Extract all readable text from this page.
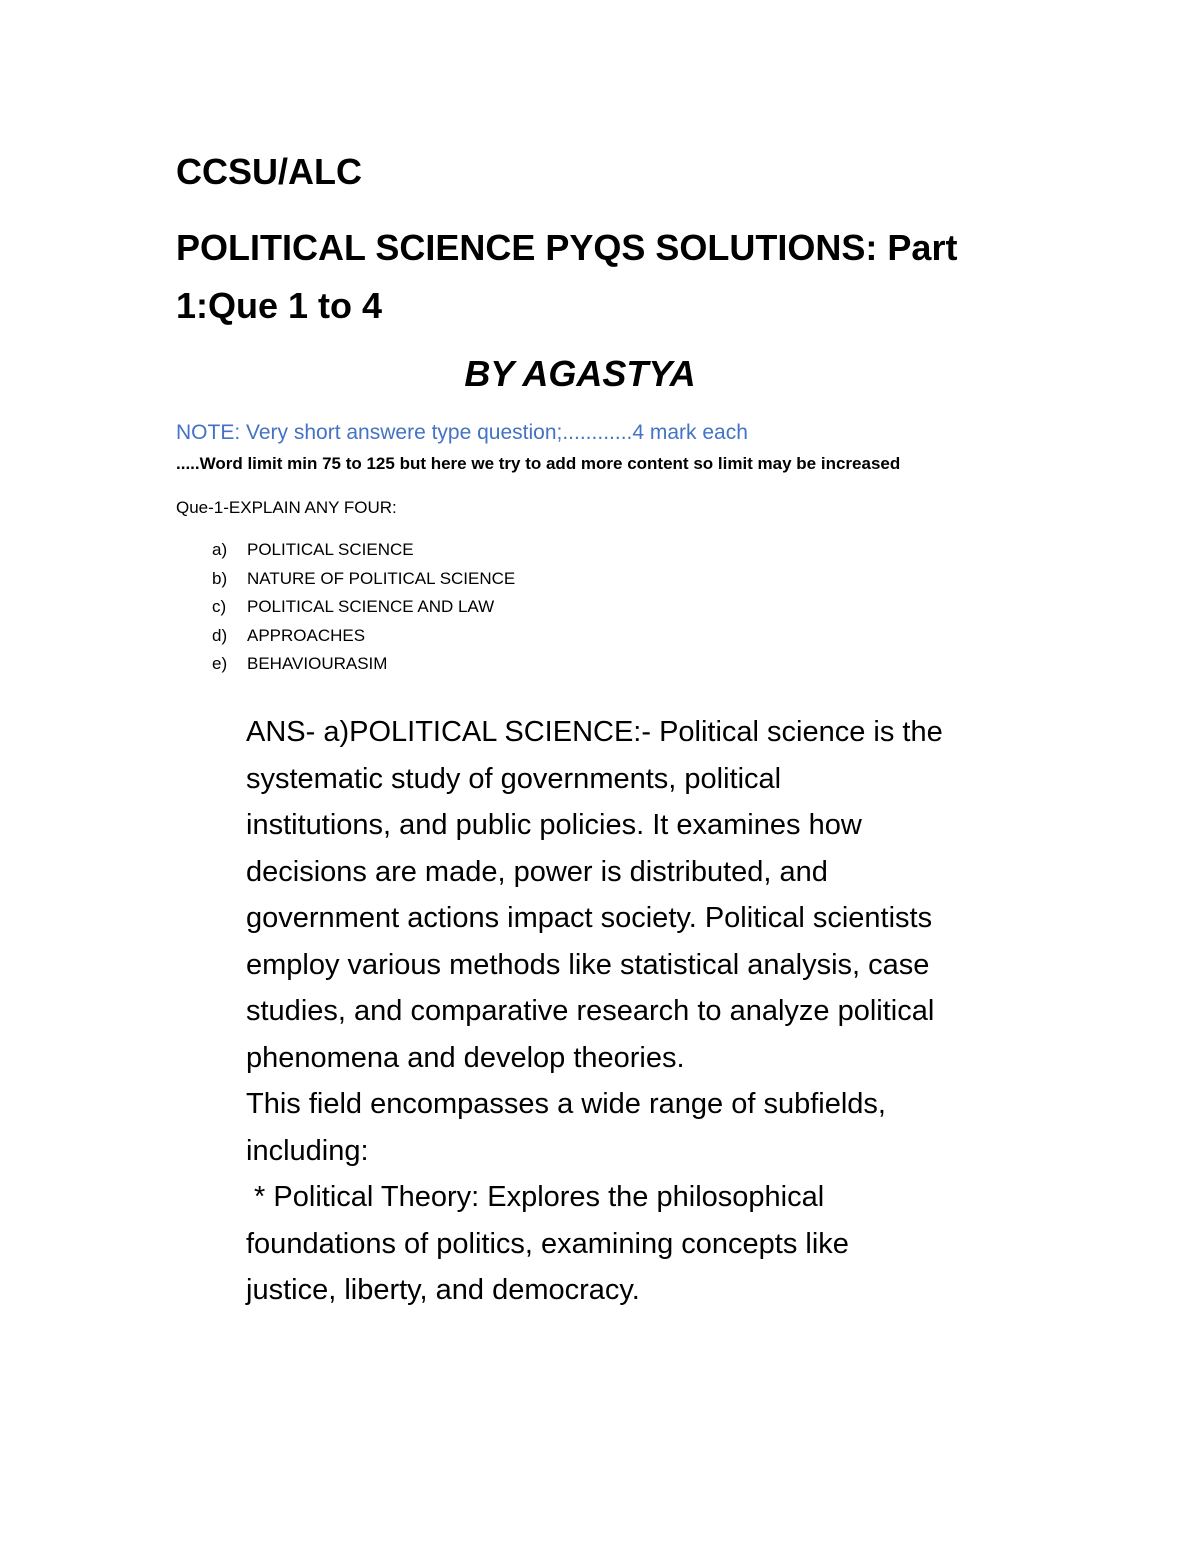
CCSU/ALC
POLITICAL SCIENCE PYQS SOLUTIONS: Part
1:Que 1 to 4
BY AGASTYA
NOTE: Very short answere type question;............4 mark each
.....Word limit min 75 to 125 but here we try to add more content so limit may be increased
Que-1-EXPLAIN ANY FOUR:
a) POLITICAL SCIENCE
b) NATURE OF POLITICAL SCIENCE
c) POLITICAL SCIENCE AND LAW
d) APPROACHES
e) BEHAVIOURASIM
ANS- a)POLITICAL SCIENCE:- Political science is the
systematic study of governments, political
institutions, and public policies. It examines how
decisions are made, power is distributed, and
government actions impact society. Political scientists
employ various methods like statistical analysis, case
studies, and comparative research to analyze political
phenomena and develop theories.
This field encompasses a wide range of subfields,
including:
* Political Theory: Explores the philosophical
foundations of politics, examining concepts like
justice, liberty, and democracy.
